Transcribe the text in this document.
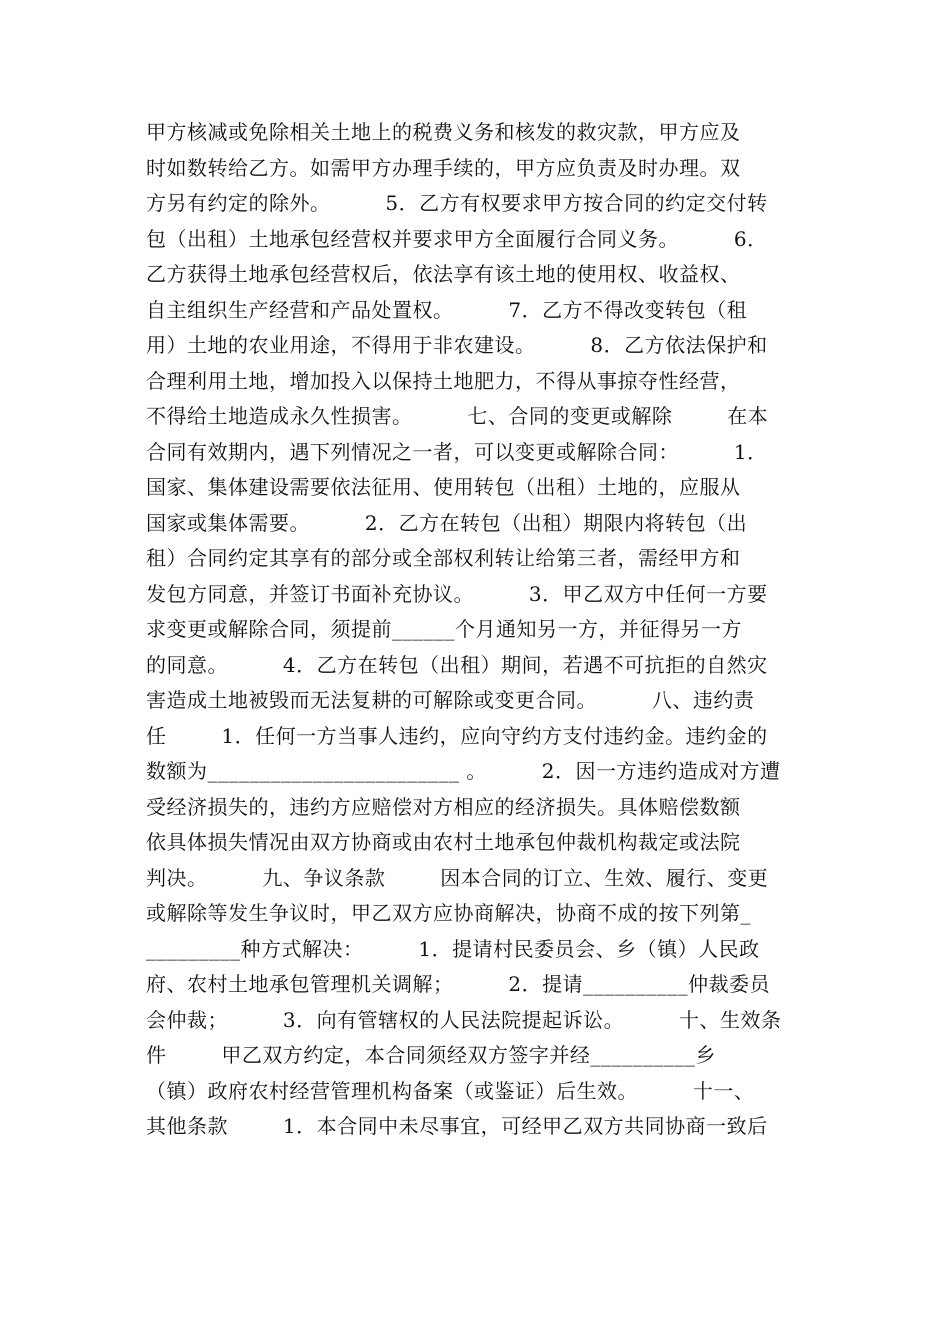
甲方核减或免除相关土地上的税费义务和核发的救灾款，甲方应及
时如数转给乙方。如需甲方办理手续的，甲方应负责及时办理。双
方另有约定的除外。        5．乙方有权要求甲方按合同的约定交付转
包（出租）土地承包经营权并要求甲方全面履行合同义务。        6．
乙方获得土地承包经营权后，依法享有该土地的使用权、收益权、
自主组织生产经营和产品处置权。        7．乙方不得改变转包（租
用）土地的农业用途，不得用于非农建设。        8．乙方依法保护和
合理利用土地，增加投入以保持土地肥力，不得从事掠夺性经营，
不得给土地造成永久性损害。        七、合同的变更或解除        在本
合同有效期内，遇下列情况之一者，可以变更或解除合同：        1．
国家、集体建设需要依法征用、使用转包（出租）土地的，应服从
国家或集体需要。        2．乙方在转包（出租）期限内将转包（出
租）合同约定其享有的部分或全部权利转让给第三者，需经甲方和
发包方同意，并签订书面补充协议。        3．甲乙双方中任何一方要
求变更或解除合同，须提前______个月通知另一方，并征得另一方
的同意。        4．乙方在转包（出租）期间，若遇不可抗拒的自然灾
害造成土地被毁而无法复耕的可解除或变更合同。        八、违约责
任        1．任何一方当事人违约，应向守约方支付违约金。违约金的
数额为________________________ 。        2．因一方违约造成对方遭
受经济损失的，违约方应赔偿对方相应的经济损失。具体赔偿数额
依具体损失情况由双方协商或由农村土地承包仲裁机构裁定或法院
判决。        九、争议条款        因本合同的订立、生效、履行、变更
或解除等发生争议时，甲乙双方应协商解决，协商不成的按下列第_
_________种方式解决：        1．提请村民委员会、乡（镇）人民政
府、农村土地承包管理机关调解；        2．提请__________仲裁委员
会仲裁；        3．向有管辖权的人民法院提起诉讼。        十、生效条
件        甲乙双方约定，本合同须经双方签字并经__________乡
（镇）政府农村经营管理机构备案（或鉴证）后生效。        十一、
其他条款        1．本合同中未尽事宜，可经甲乙双方共同协商一致后
